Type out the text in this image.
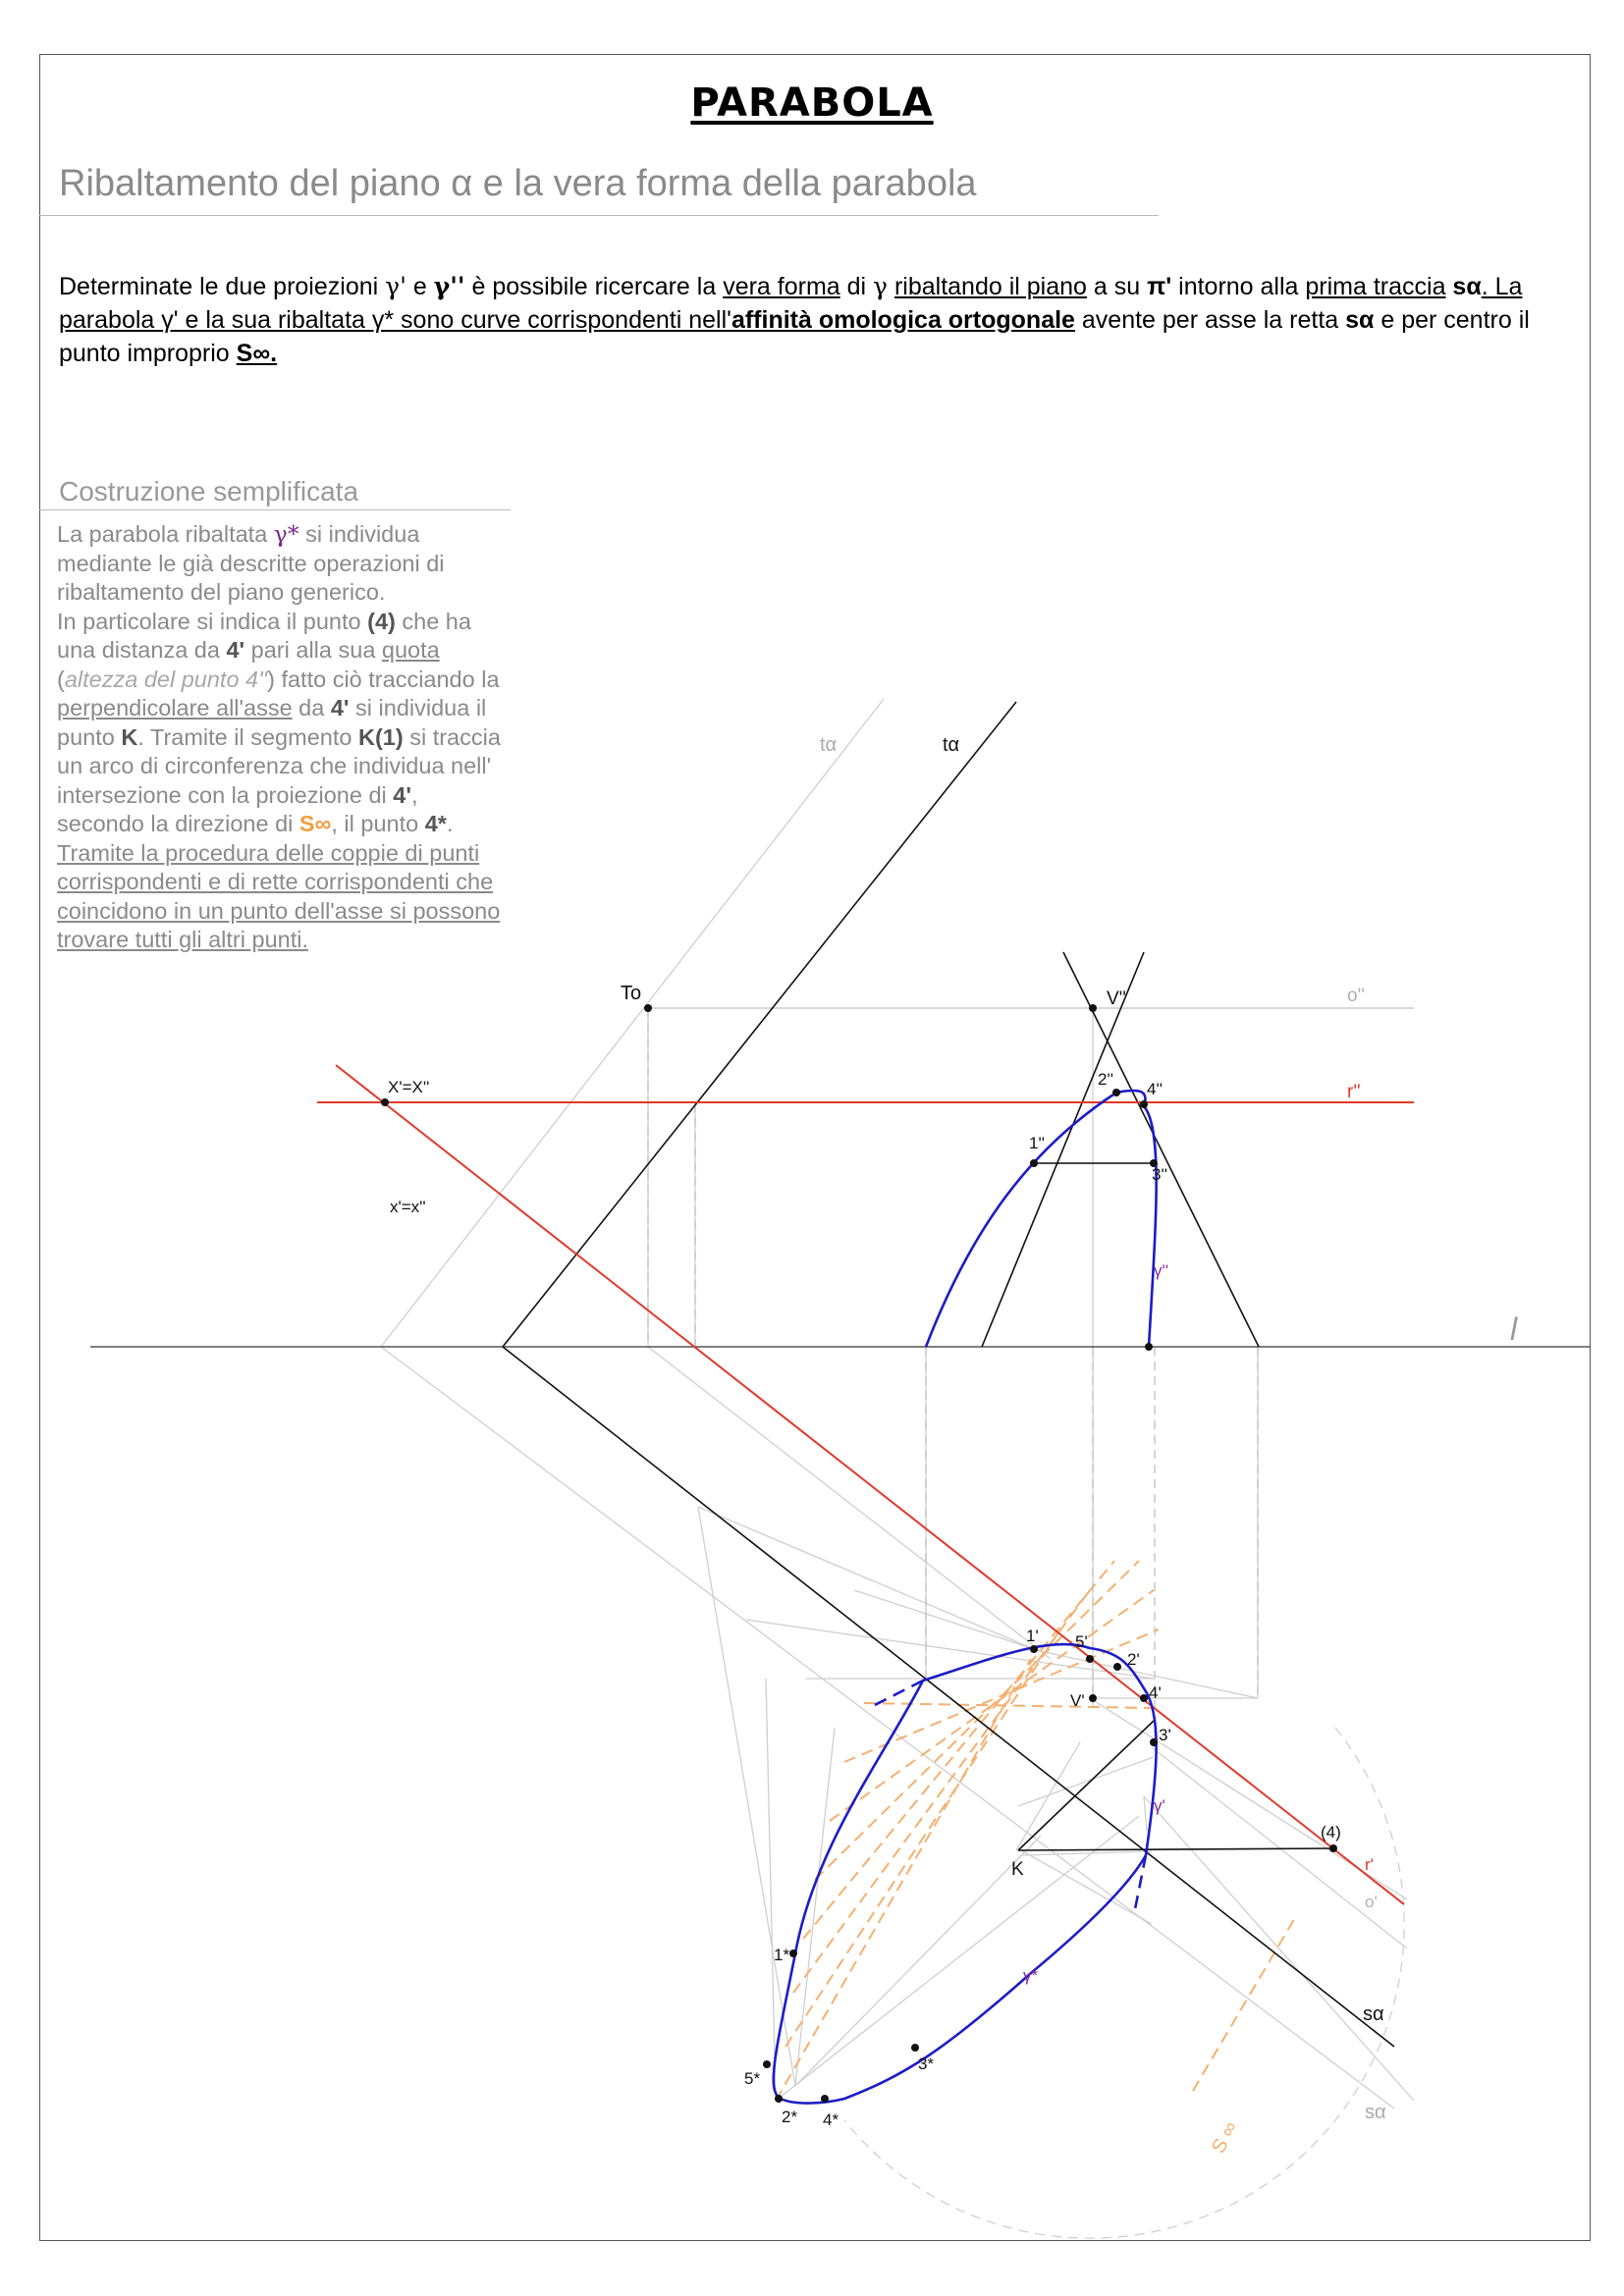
PARABOLA
Ribaltamento del piano α e la vera forma della parabola
Determinate le due proiezioni γ' e γ'' è possibile ricercare la vera forma di γ ribaltando il piano a su π' intorno alla prima traccia sα. La parabola γ' e la sua ribaltata γ* sono curve corrispondenti nell'affinità omologica ortogonale avente per asse la retta sα e per centro il punto improprio S∞.
Costruzione semplificata
La parabola ribaltata γ* si individua mediante le già descritte operazioni di ribaltamento del piano generico.
In particolare si indica il punto (4) che ha una distanza da 4' pari alla sua quota (altezza del punto 4'') fatto ciò tracciando la perpendicolare all'asse da 4' si individua il punto K. Tramite il segmento K(1) si traccia un arco di circonferenza che individua nell' intersezione con la proiezione di 4', secondo la direzione di S∞, il punto 4*. Tramite la procedura delle coppie di punti corrispondenti e di rette corrispondenti che coincidono in un punto dell'asse si possono trovare tutti gli altri punti.
tα	tα
To	V''	o''
X'=X''	r''
2''
4''
1''
3''
x'=x''
γ''
l
1' 5'
2'
V'	4'
3'
γ'
K
(4)
r'
o'
1*
γ*
sα
3*
5*
2* 4*	sα
S ∞
